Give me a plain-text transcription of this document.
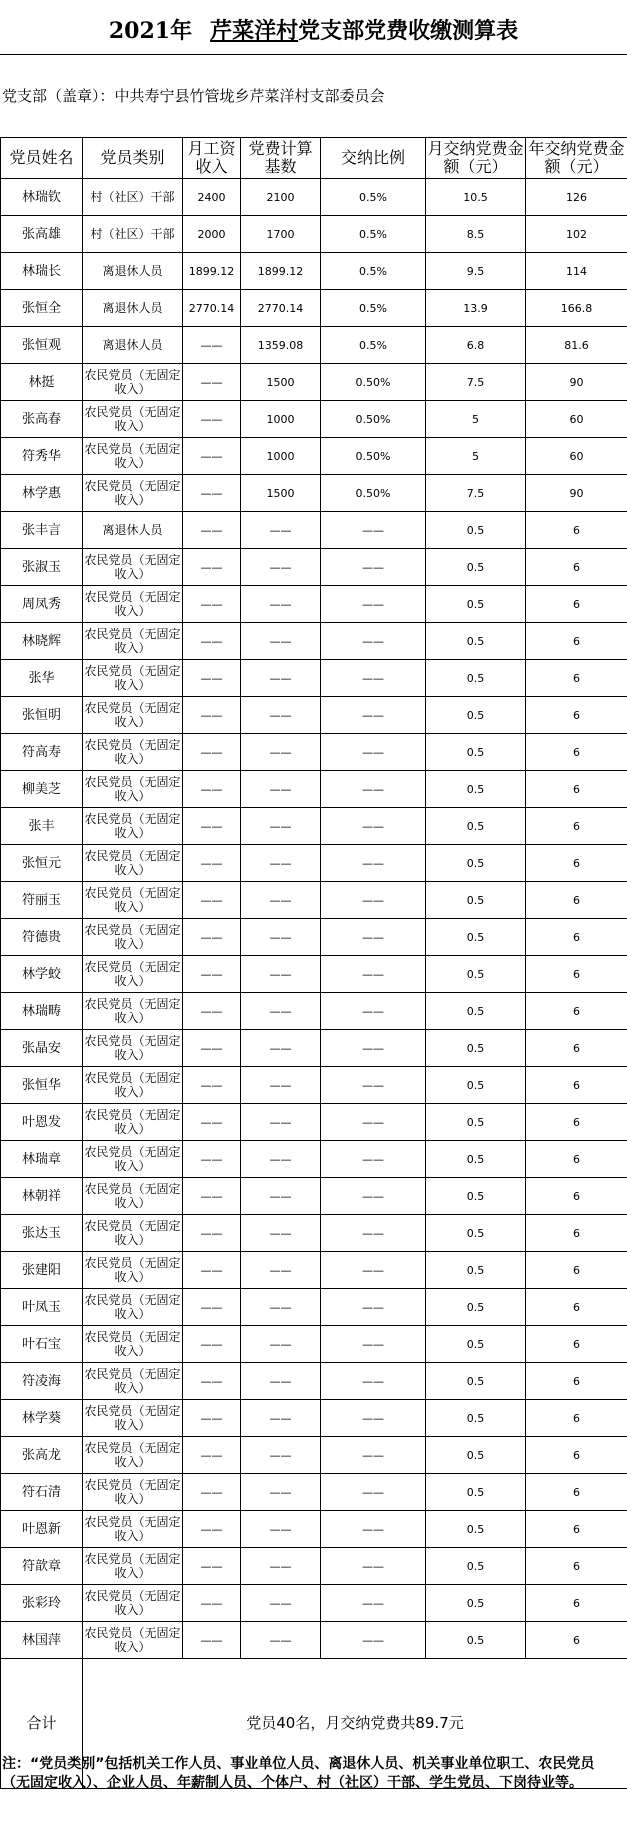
2021年 芹菜洋村党支部党费收缴测算表
党支部（盖章）：中共寿宁县竹管垅乡芹菜洋村支部委员会
党员姓名	党员类别	月工资收入	党费计算基数	交纳比例	月交纳党费金额（元）	年交纳党费金额（元）
林瑞钦	村（社区）干部	2400	2100	0.5%	10.5	126
张高雄	村（社区）干部	2000	1700	0.5%	8.5	102
林瑞长	离退休人员	1899.12	1899.12	0.5%	9.5	114
张恒全	离退休人员	2770.14	2770.14	0.5%	13.9	166.8
张恒观	离退休人员	——	1359.08	0.5%	6.8	81.6
林挺	农民党员（无固定收入）	——	1500	0.50%	7.5	90
张高春	农民党员（无固定收入）	——	1000	0.50%	5	60
符秀华	农民党员（无固定收入）	——	1000	0.50%	5	60
林学惠	农民党员（无固定收入）	——	1500	0.50%	7.5	90
张丰言	离退休人员	——	——	——	0.5	6
张淑玉	农民党员（无固定收入）	——	——	——	0.5	6
周凤秀	农民党员（无固定收入）	——	——	——	0.5	6
林晓辉	农民党员（无固定收入）	——	——	——	0.5	6
张华	农民党员（无固定收入）	——	——	——	0.5	6
张恒明	农民党员（无固定收入）	——	——	——	0.5	6
符高寿	农民党员（无固定收入）	——	——	——	0.5	6
柳美芝	农民党员（无固定收入）	——	——	——	0.5	6
张丰	农民党员（无固定收入）	——	——	——	0.5	6
张恒元	农民党员（无固定收入）	——	——	——	0.5	6
符丽玉	农民党员（无固定收入）	——	——	——	0.5	6
符德贵	农民党员（无固定收入）	——	——	——	0.5	6
林学蛟	农民党员（无固定收入）	——	——	——	0.5	6
林瑞畴	农民党员（无固定收入）	——	——	——	0.5	6
张晶安	农民党员（无固定收入）	——	——	——	0.5	6
张恒华	农民党员（无固定收入）	——	——	——	0.5	6
叶恩发	农民党员（无固定收入）	——	——	——	0.5	6
林瑞章	农民党员（无固定收入）	——	——	——	0.5	6
林朝祥	农民党员（无固定收入）	——	——	——	0.5	6
张达玉	农民党员（无固定收入）	——	——	——	0.5	6
张建阳	农民党员（无固定收入）	——	——	——	0.5	6
叶凤玉	农民党员（无固定收入）	——	——	——	0.5	6
叶石宝	农民党员（无固定收入）	——	——	——	0.5	6
符凌海	农民党员（无固定收入）	——	——	——	0.5	6
林学葵	农民党员（无固定收入）	——	——	——	0.5	6
张高龙	农民党员（无固定收入）	——	——	——	0.5	6
符石清	农民党员（无固定收入）	——	——	——	0.5	6
叶恩新	农民党员（无固定收入）	——	——	——	0.5	6
符歆章	农民党员（无固定收入）	——	——	——	0.5	6
张彩玲	农民党员（无固定收入）	——	——	——	0.5	6
林国萍	农民党员（无固定收入）	——	——	——	0.5	6
合计	党员40名，月交纳党费共89.7元					
注：“党员类别”包括机关工作人员、事业单位人员、离退休人员、机关事业单位职工、农民党员（无固定收入）、企业人员、年薪制人员、个体户、村（社区）干部、学生党员、下岗待业等。
